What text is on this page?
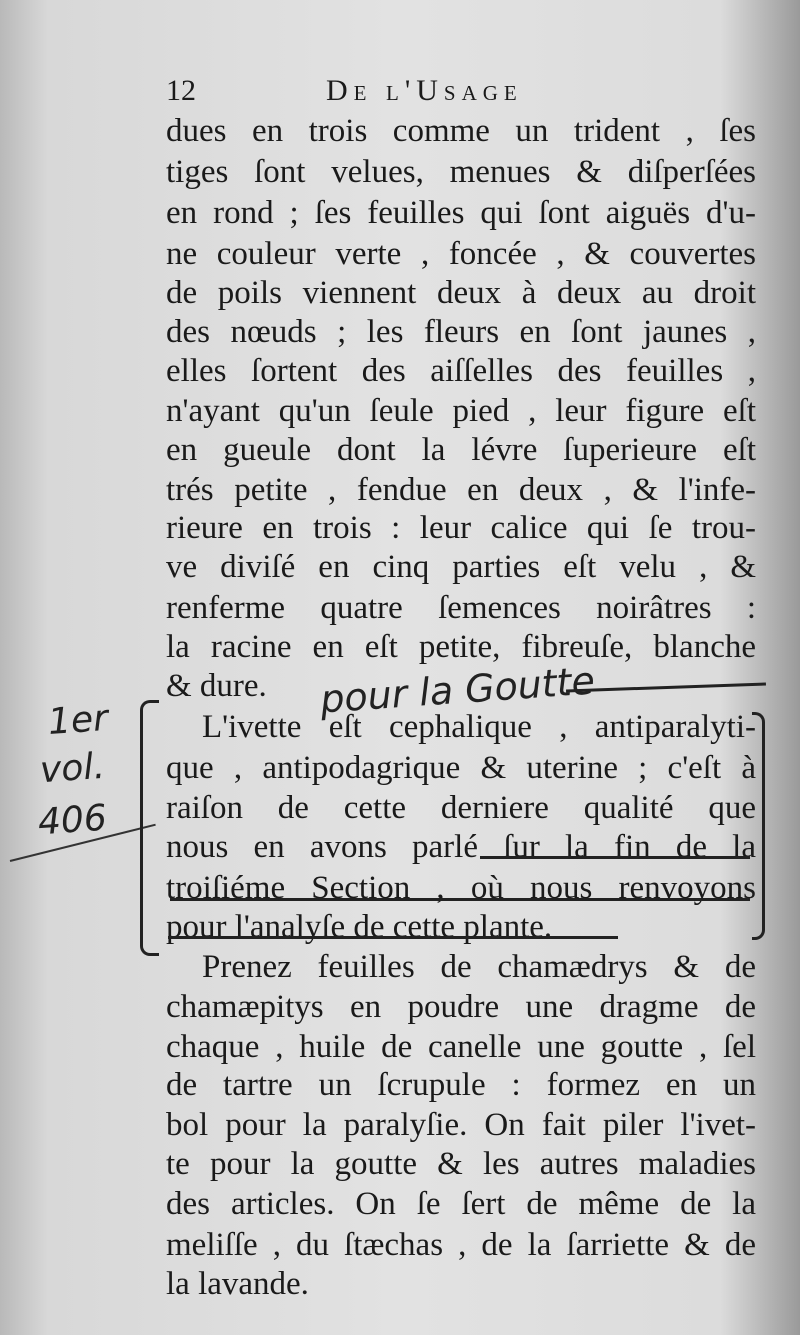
12	De l'Usage
dues en trois comme un trident , ſes
tiges ſont velues, menues & diſperſées
en rond ; ſes feuilles qui ſont aiguës d'u-
ne couleur verte , foncée , & couvertes
de poils viennent deux à deux au droit
des nœuds ; les fleurs en ſont jaunes ,
elles ſortent des aiſſelles des feuilles ,
n'ayant qu'un ſeule pied , leur figure eſt
en gueule dont la lévre ſuperieure eſt
trés petite , fendue en deux , & l'infe-
rieure en trois : leur calice qui ſe trou-
ve diviſé en cinq parties eſt velu , &
renferme quatre ſemences noirâtres :
la racine en eſt petite, fibreuſe, blanche
& dure.
L'ivette eſt cephalique , antiparalyti-
que , antipodagrique & uterine ; c'eſt à
raiſon de cette derniere qualité que
nous en avons parlé ſur la fin de la
troiſiéme Section , où nous renvoyons
pour l'analyſe de cette plante.
Prenez feuilles de chamædrys & de
chamæpitys en poudre une dragme de
chaque , huile de canelle une goutte , ſel
de tartre un ſcrupule : formez en un
bol pour la paralyſie. On fait piler l'ivet-
te pour la goutte & les autres maladies
des articles. On ſe ſert de même de la
meliſſe , du ſtæchas , de la ſarriette & de
la lavande.
pour la Goutte
1er
vol.
406
